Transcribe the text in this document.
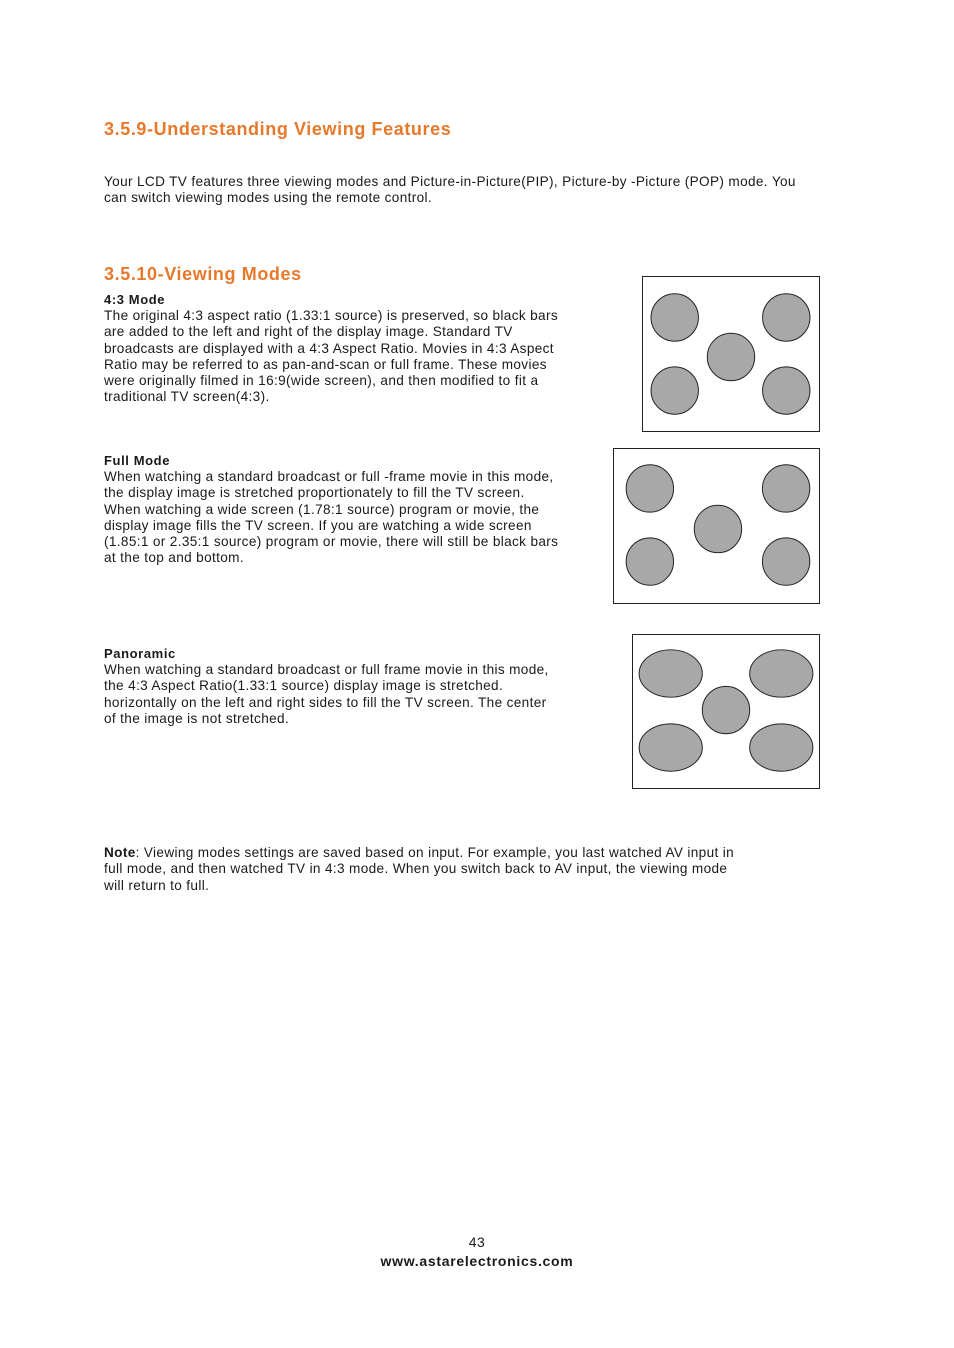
3.5.9-Understanding Viewing Features

Your LCD TV features three viewing modes and Picture-in-Picture(PIP), Picture-by -Picture (POP) mode. You
can switch viewing modes using the remote control.

3.5.10-Viewing Modes
4:3 Mode

The original 4:3 aspect ratio (1.33:1 source) is preserved, so black bars
are added to the left and right of the display image. Standard TV
broadcasts are displayed with a 4:3 Aspect Ratio. Movies in 4:3 Aspect
Ratio may be referred to as pan-and-scan or full frame. These movies
were originally filmed in 16:9(wide screen), and then modified to fit a
traditional TV screen(4:3).

Full Mode

When watching a standard broadcast or full -frame movie in this mode,
the display image is stretched proportionately to fill the TV screen.
When watching a wide screen (1.78:1 source) program or movie, the
display image fills the TV screen. If you are watching a wide screen
(1.85:1 or 2.35:1 source) program or movie, there will still be black bars
at the top and bottom.

Panoramic

When watching a standard broadcast or full frame movie in this mode,
the 4:3 Aspect Ratio(1.33:1 source) display image is stretched.
horizontally on the left and right sides to fill the TV screen. The center
of the image is not stretched.

Note: Viewing modes settings are saved based on input. For example, you last watched AV input in
full mode, and then watched TV in 4:3 mode. When you switch back to AV input, the viewing mode
will return to full.

43
www.astarelectronics.com
